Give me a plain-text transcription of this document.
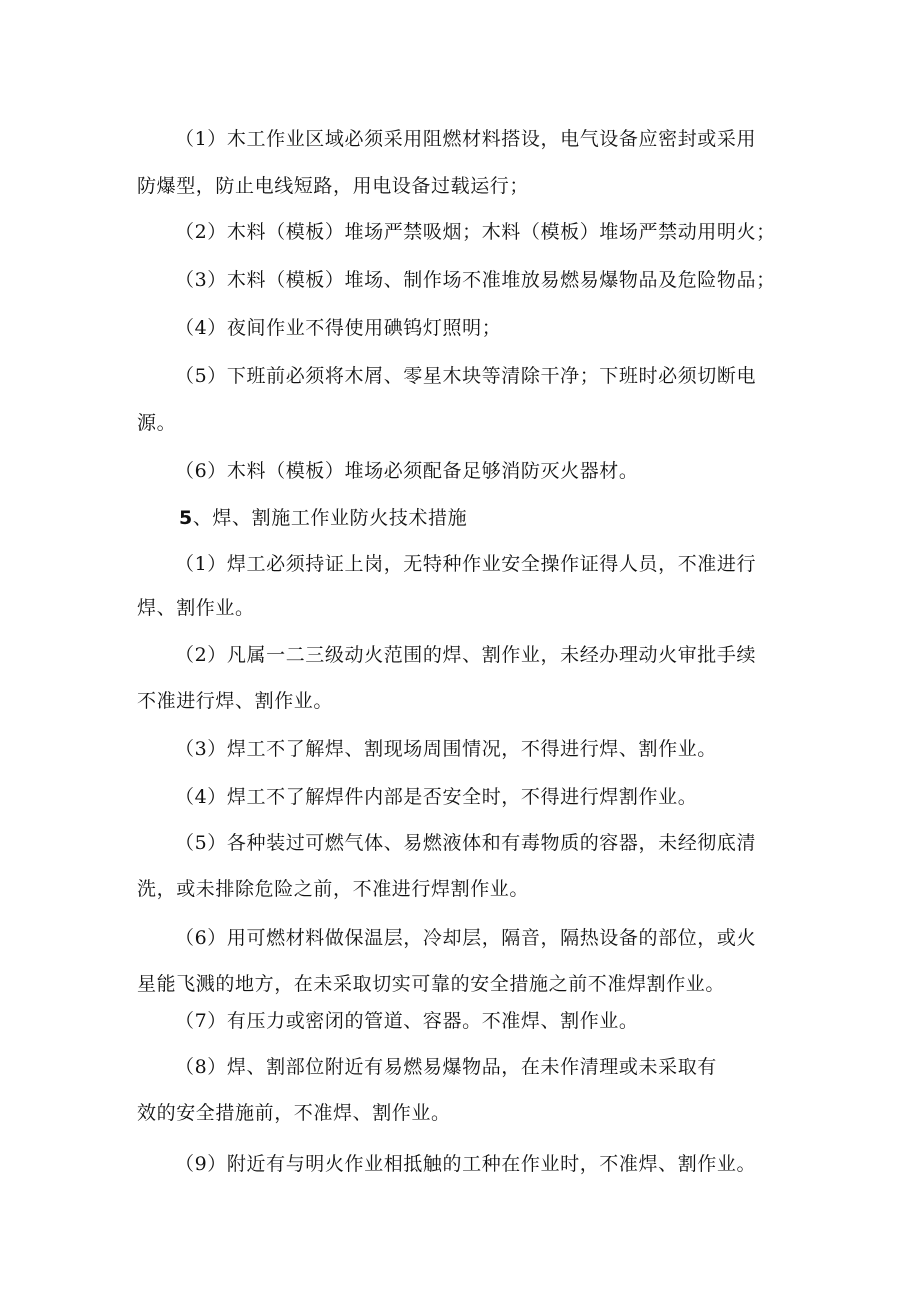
（1）木工作业区域必须采用阻燃材料搭设，电气设备应密封或采用
防爆型，防止电线短路，用电设备过载运行；
（2）木料（模板）堆场严禁吸烟；木料（模板）堆场严禁动用明火；
（3）木料（模板）堆场、制作场不准堆放易燃易爆物品及危险物品；
（4）夜间作业不得使用碘钨灯照明；
（5）下班前必须将木屑、零星木块等清除干净；下班时必须切断电
源。
（6）木料（模板）堆场必须配备足够消防灭火器材。
5、焊、割施工作业防火技术措施
（1）焊工必须持证上岗，无特种作业安全操作证得人员，不准进行
焊、割作业。
（2）凡属一二三级动火范围的焊、割作业，未经办理动火审批手续
不准进行焊、割作业。
（3）焊工不了解焊、割现场周围情况，不得进行焊、割作业。
（4）焊工不了解焊件内部是否安全时，不得进行焊割作业。
（5）各种装过可燃气体、易燃液体和有毒物质的容器，未经彻底清
洗，或未排除危险之前，不准进行焊割作业。
（6）用可燃材料做保温层，冷却层，隔音，隔热设备的部位，或火
星能飞溅的地方，在未采取切实可靠的安全措施之前不准焊割作业。
（7）有压力或密闭的管道、容器。不准焊、割作业。
（8）焊、割部位附近有易燃易爆物品，在未作清理或未采取有
效的安全措施前，不准焊、割作业。
（9）附近有与明火作业相抵触的工种在作业时，不准焊、割作业。
